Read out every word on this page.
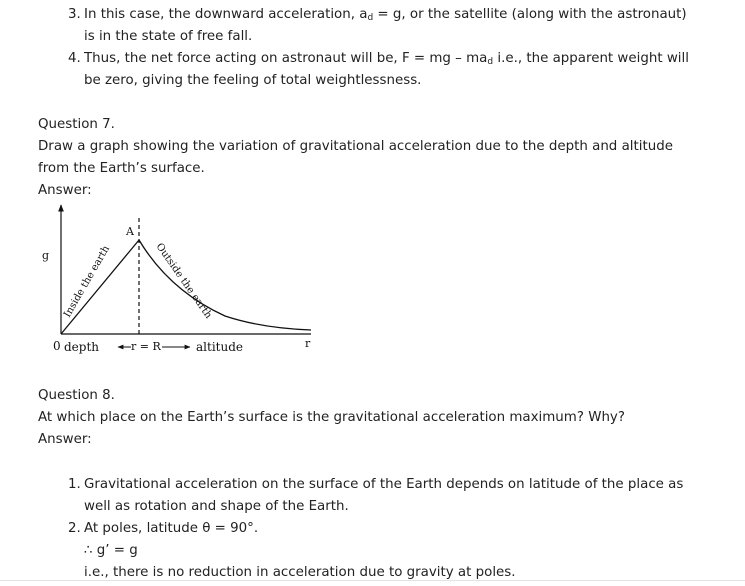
3. In this case, the downward acceleration, $a_d = g$, or the satellite (along with the astronaut)
is in the state of free fall.
4. Thus, the net force acting on astronaut will be, F = mg – $ma_d$ i.e., the apparent weight will
be zero, giving the feeling of total weightlessness.
Question 7.
Draw a graph showing the variation of gravitational acceleration due to the depth and altitude
from the Earth’s surface.
Answer:
g
A
Inside the earth	Outside the earth
0 depth	r = R	altitude	r
Question 8.
At which place on the Earth’s surface is the gravitational acceleration maximum? Why?
Answer:
1. Gravitational acceleration on the surface of the Earth depends on latitude of the place as
well as rotation and shape of the Earth.
2. At poles, latitude θ = 90°.
∴ g’ = g
i.e., there is no reduction in acceleration due to gravity at poles.
